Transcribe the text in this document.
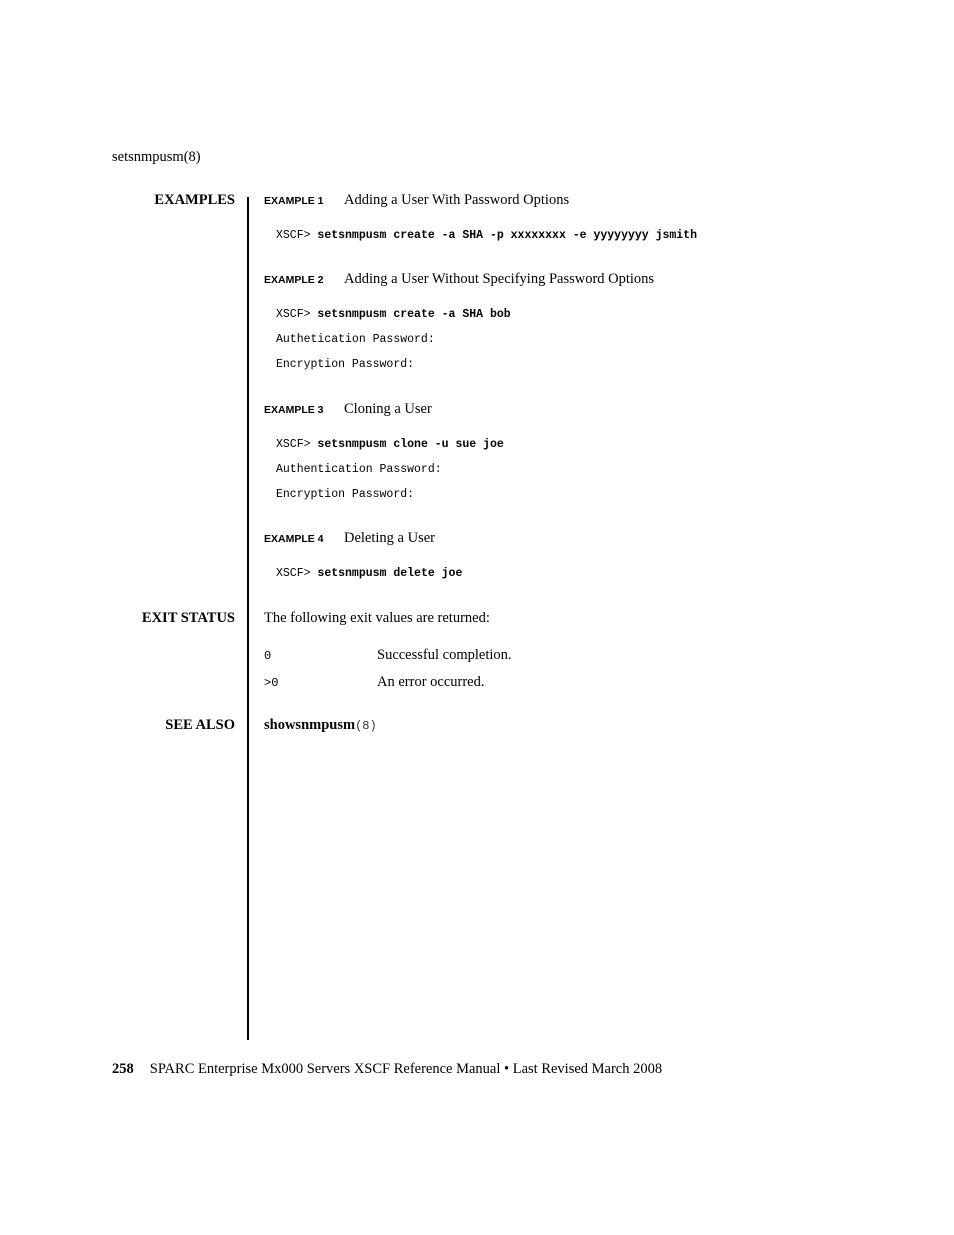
setsnmpusm(8)
EXAMPLES	EXAMPLE 1 Adding a User With Password Options
XSCF> setsnmpusm create -a SHA -p xxxxxxxx -e yyyyyyyy jsmith
EXAMPLE 2 Adding a User Without Specifying Password Options
XSCF> setsnmpusm create -a SHA bob
Authetication Password:
Encryption Password:
EXAMPLE 3 Cloning a User
XSCF> setsnmpusm clone -u sue joe
Authentication Password:
Encryption Password:
EXAMPLE 4 Deleting a User
XSCF> setsnmpusm delete joe
EXIT STATUS The following exit values are returned:
0	Successful completion.
>0	An error occurred.
SEE ALSO showsnmpusm(8)
258 SPARC Enterprise Mx000 Servers XSCF Reference Manual • Last Revised March 2008
